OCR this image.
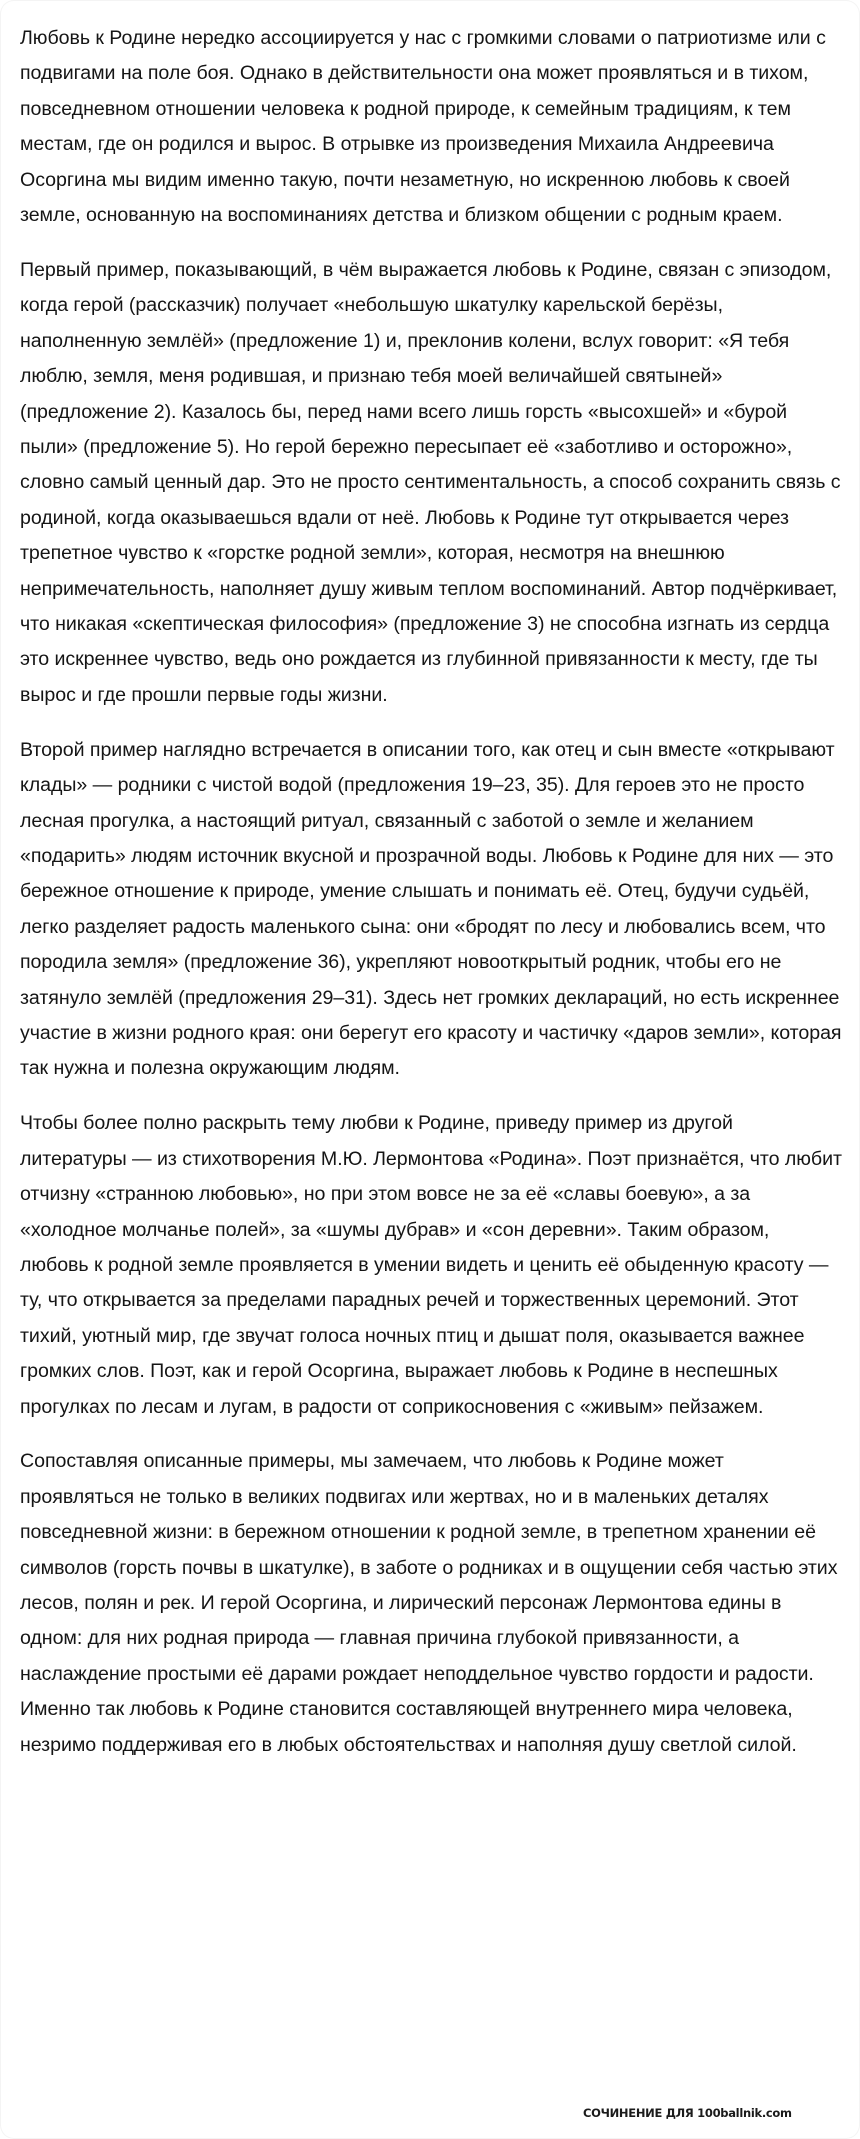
Любовь к Родине нередко ассоциируется у нас с громкими словами о патриотизме или с подвигами на поле боя. Однако в действительности она может проявляться и в тихом, повседневном отношении человека к родной природе, к семейным традициям, к тем местам, где он родился и вырос. В отрывке из произведения Михаила Андреевича Осоргина мы видим именно такую, почти незаметную, но искренною любовь к своей земле, основанную на воспоминаниях детства и близком общении с родным краем.

Первый пример, показывающий, в чём выражается любовь к Родине, связан с эпизодом, когда герой (рассказчик) получает «небольшую шкатулку карельской берёзы, наполненную землёй» (предложение 1) и, преклонив колени, вслух говорит: «Я тебя люблю, земля, меня родившая, и признаю тебя моей величайшей святыней» (предложение 2). Казалось бы, перед нами всего лишь горсть «высохшей» и «бурой пыли» (предложение 5). Но герой бережно пересыпает её «заботливо и осторожно», словно самый ценный дар. Это не просто сентиментальность, а способ сохранить связь с родиной, когда оказываешься вдали от неё. Любовь к Родине тут открывается через трепетное чувство к «горстке родной земли», которая, несмотря на внешнюю непримечательность, наполняет душу живым теплом воспоминаний. Автор подчёркивает, что никакая «скептическая философия» (предложение 3) не способна изгнать из сердца это искреннее чувство, ведь оно рождается из глубинной привязанности к месту, где ты вырос и где прошли первые годы жизни.

Второй пример наглядно встречается в описании того, как отец и сын вместе «открывают клады» — родники с чистой водой (предложения 19–23, 35). Для героев это не просто лесная прогулка, а настоящий ритуал, связанный с заботой о земле и желанием «подарить» людям источник вкусной и прозрачной воды. Любовь к Родине для них — это бережное отношение к природе, умение слышать и понимать её. Отец, будучи судьёй, легко разделяет радость маленького сына: они «бродят по лесу и любовались всем, что породила земля» (предложение 36), укрепляют новооткрытый родник, чтобы его не затянуло землёй (предложения 29–31). Здесь нет громких деклараций, но есть искреннее участие в жизни родного края: они берегут его красоту и частичку «даров земли», которая так нужна и полезна окружающим людям.

Чтобы более полно раскрыть тему любви к Родине, приведу пример из другой литературы — из стихотворения М.Ю. Лермонтова «Родина». Поэт признаётся, что любит отчизну «странною любовью», но при этом вовсе не за её «славы боевую», а за «холодное молчанье полей», за «шумы дубрав» и «сон деревни». Таким образом, любовь к родной земле проявляется в умении видеть и ценить её обыденную красоту — ту, что открывается за пределами парадных речей и торжественных церемоний. Этот тихий, уютный мир, где звучат голоса ночных птиц и дышат поля, оказывается важнее громких слов. Поэт, как и герой Осоргина, выражает любовь к Родине в неспешных прогулках по лесам и лугам, в радости от соприкосновения с «живым» пейзажем.

Сопоставляя описанные примеры, мы замечаем, что любовь к Родине может проявляться не только в великих подвигах или жертвах, но и в маленьких деталях повседневной жизни: в бережном отношении к родной земле, в трепетном хранении её символов (горсть почвы в шкатулке), в заботе о родниках и в ощущении себя частью этих лесов, полян и рек. И герой Осоргина, и лирический персонаж Лермонтова едины в одном: для них родная природа — главная причина глубокой привязанности, а наслаждение простыми её дарами рождает неподдельное чувство гордости и радости. Именно так любовь к Родине становится составляющей внутреннего мира человека, незримо поддерживая его в любых обстоятельствах и наполняя душу светлой силой.

СОЧИНЕНИЕ ДЛЯ 100ballnik.com
